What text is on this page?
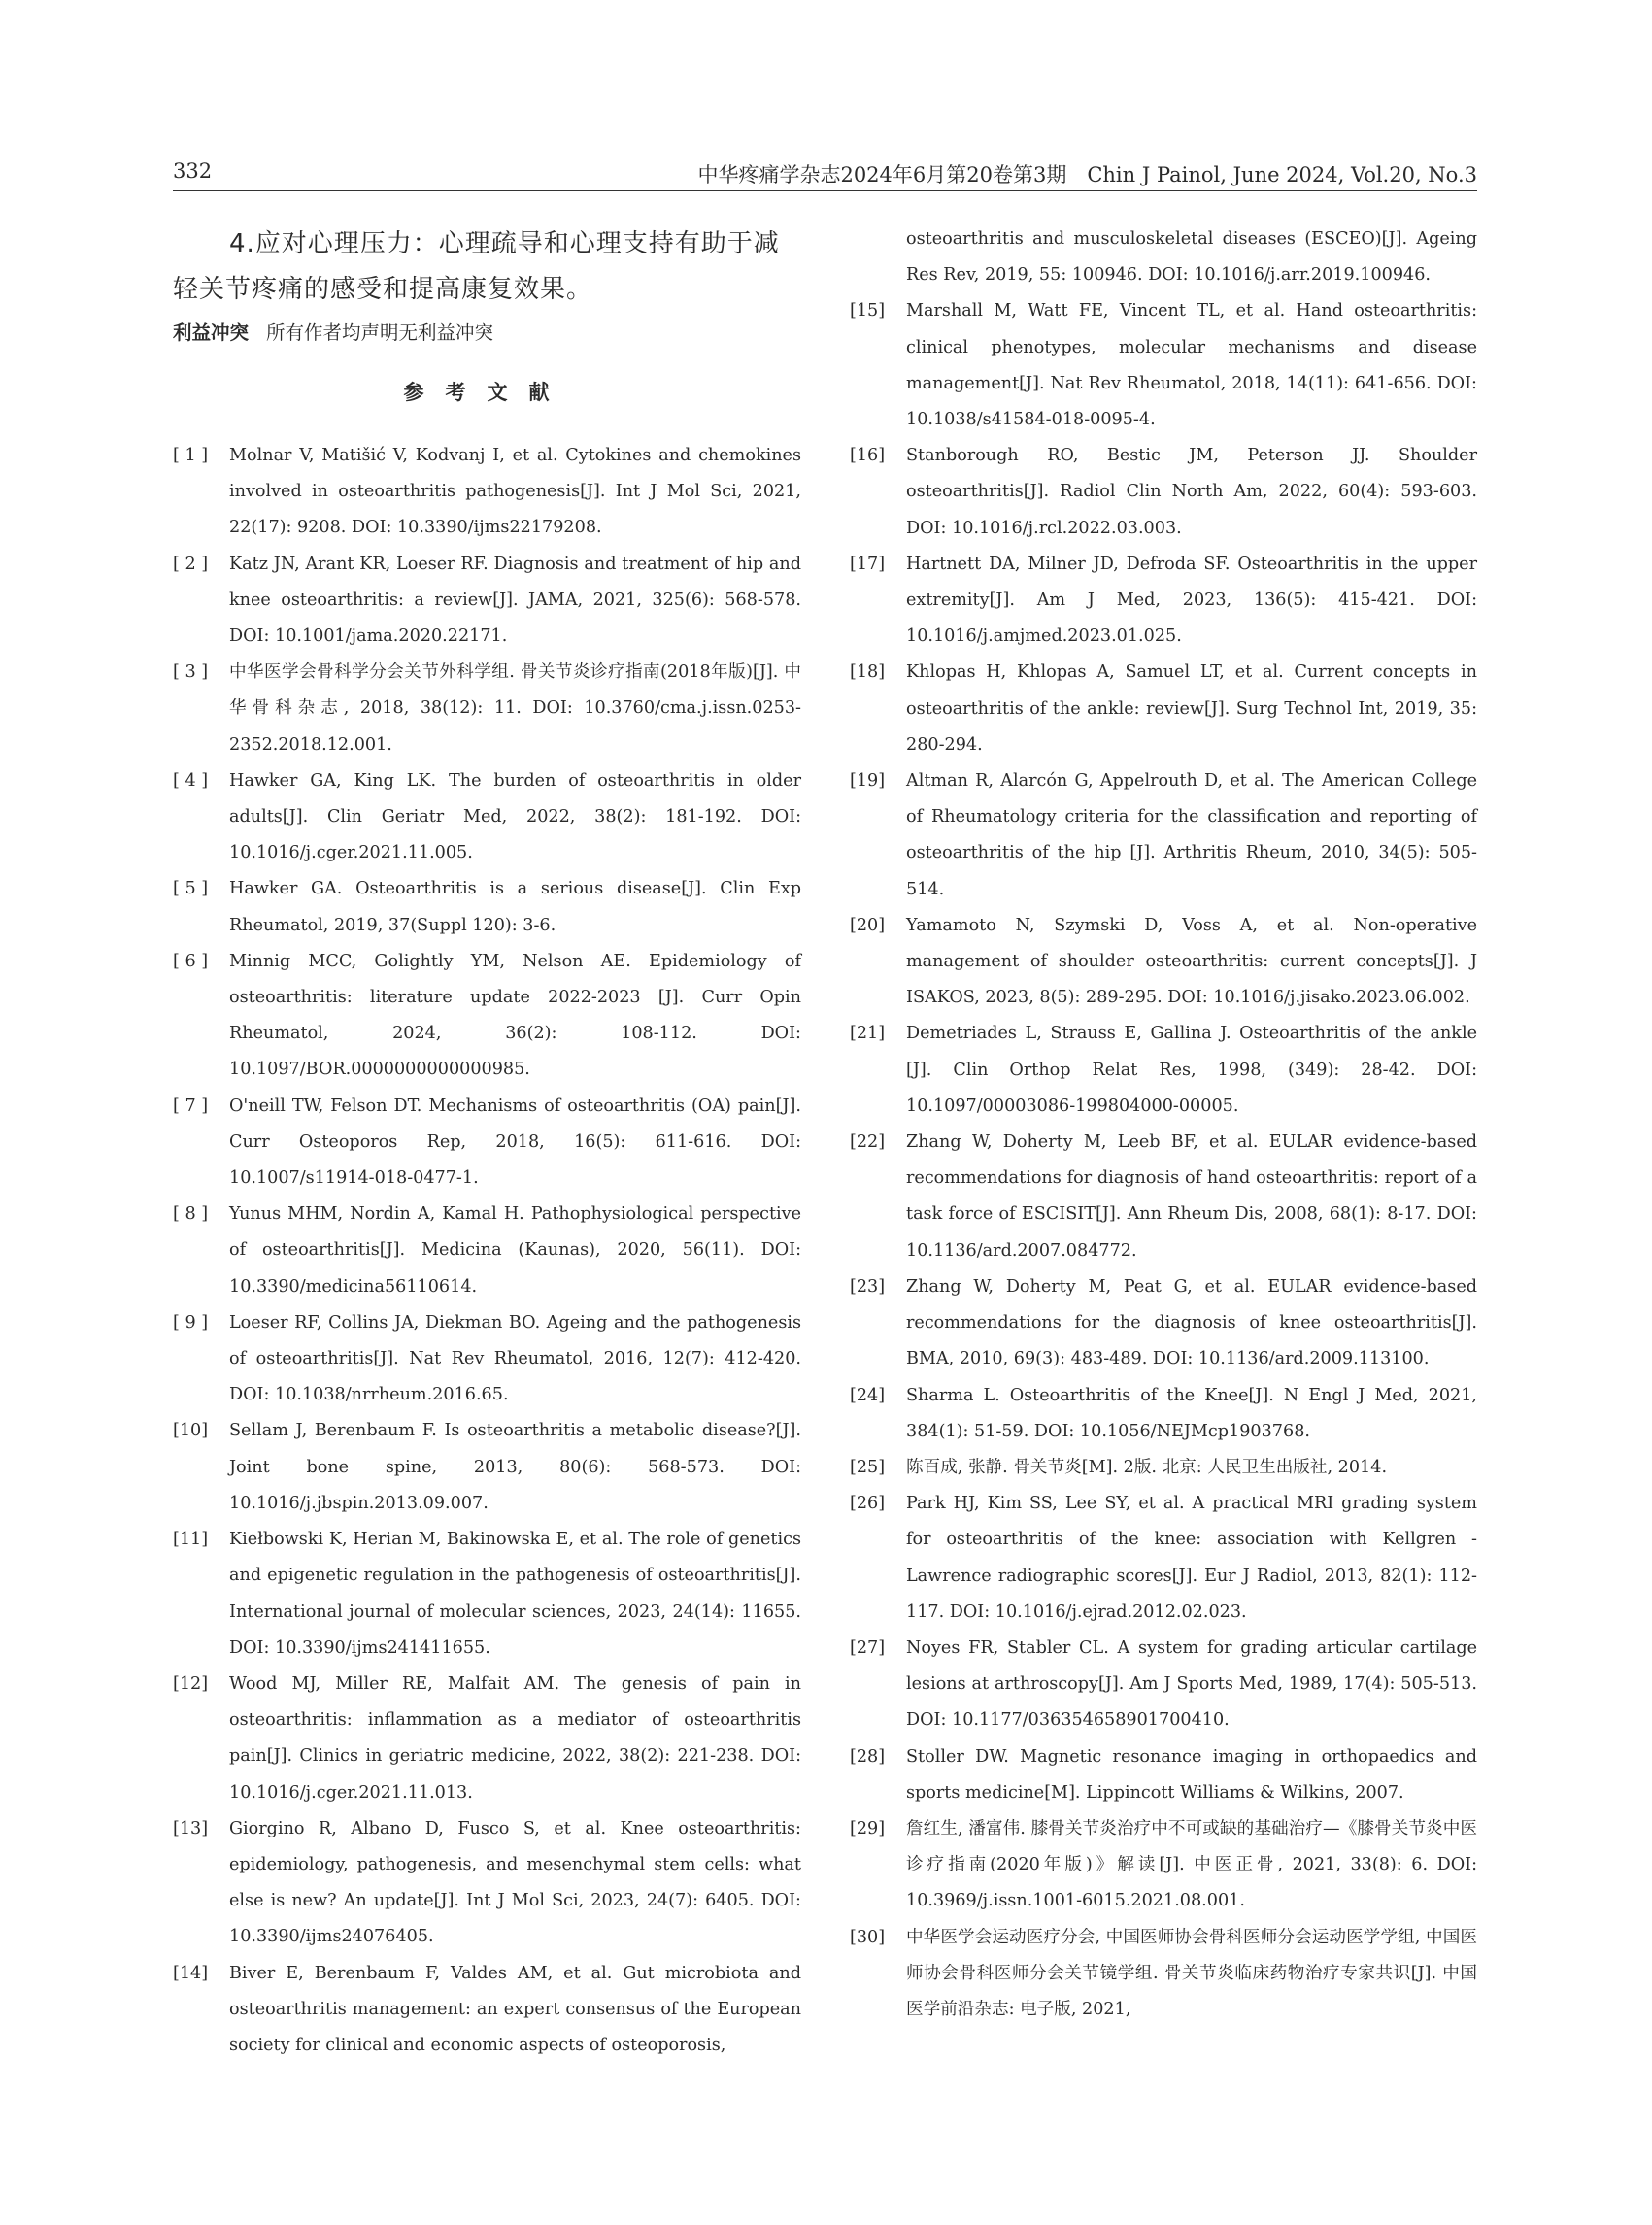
332	中华疼痛学杂志2024年6月第20卷第3期　Chin J Painol, June 2024, Vol.20, No.3

4.应对心理压力：心理疏导和心理支持有助于减轻关节疼痛的感受和提高康复效果。

利益冲突 所有作者均声明无利益冲突
参考文献
[ 1 ] Molnar V, Matišić V, Kodvanj I, et al. Cytokines and chemokines involved in osteoarthritis pathogenesis[J]. Int J Mol Sci, 2021, 22(17): 9208. DOI: 10.3390/ijms22179208.
[ 2 ] Katz JN, Arant KR, Loeser RF. Diagnosis and treatment of hip and knee osteoarthritis: a review[J]. JAMA, 2021, 325(6): 568-578. DOI: 10.1001/jama.2020.22171.
[ 3 ] 中华医学会骨科学分会关节外科学组. 骨关节炎诊疗指南(2018年版)[J]. 中华骨科杂志, 2018, 38(12): 11. DOI: 10.3760/cma.j.issn.0253-2352.2018.12.001.
[ 4 ] Hawker GA, King LK. The burden of osteoarthritis in older adults[J]. Clin Geriatr Med, 2022, 38(2): 181-192. DOI: 10.1016/j.cger.2021.11.005.
[ 5 ] Hawker GA. Osteoarthritis is a serious disease[J]. Clin Exp Rheumatol, 2019, 37(Suppl 120): 3-6.
[ 6 ] Minnig MCC, Golightly YM, Nelson AE. Epidemiology of osteoarthritis: literature update 2022-2023 [J]. Curr Opin Rheumatol, 2024, 36(2): 108-112. DOI: 10.1097/BOR.0000000000000985.
[ 7 ] O'neill TW, Felson DT. Mechanisms of osteoarthritis (OA) pain[J]. Curr Osteoporos Rep, 2018, 16(5): 611-616. DOI: 10.1007/s11914-018-0477-1.
[ 8 ] Yunus MHM, Nordin A, Kamal H. Pathophysiological perspective of osteoarthritis[J]. Medicina (Kaunas), 2020, 56(11). DOI: 10.3390/medicina56110614.
[ 9 ] Loeser RF, Collins JA, Diekman BO. Ageing and the pathogenesis of osteoarthritis[J]. Nat Rev Rheumatol, 2016, 12(7): 412-420. DOI: 10.1038/nrrheum.2016.65.
[10] Sellam J, Berenbaum F. Is osteoarthritis a metabolic disease?[J]. Joint bone spine, 2013, 80(6): 568-573. DOI: 10.1016/j.jbspin.2013.09.007.
[11] Kiełbowski K, Herian M, Bakinowska E, et al. The role of genetics and epigenetic regulation in the pathogenesis of osteoarthritis[J]. International journal of molecular sciences, 2023, 24(14): 11655. DOI: 10.3390/ijms241411655.
[12] Wood MJ, Miller RE, Malfait AM. The genesis of pain in osteoarthritis: inflammation as a mediator of osteoarthritis pain[J]. Clinics in geriatric medicine, 2022, 38(2): 221-238. DOI: 10.1016/j.cger.2021.11.013.
[13] Giorgino R, Albano D, Fusco S, et al. Knee osteoarthritis: epidemiology, pathogenesis, and mesenchymal stem cells: what else is new? An update[J]. Int J Mol Sci, 2023, 24(7): 6405. DOI: 10.3390/ijms24076405.
[14] Biver E, Berenbaum F, Valdes AM, et al. Gut microbiota and osteoarthritis management: an expert consensus of the European society for clinical and economic aspects of osteoporosis,
osteoarthritis and musculoskeletal diseases (ESCEO)[J]. Ageing Res Rev, 2019, 55: 100946. DOI: 10.1016/j.arr.2019.100946.
[15] Marshall M, Watt FE, Vincent TL, et al. Hand osteoarthritis: clinical phenotypes, molecular mechanisms and disease management[J]. Nat Rev Rheumatol, 2018, 14(11): 641-656. DOI: 10.1038/s41584-018-0095-4.
[16] Stanborough RO, Bestic JM, Peterson JJ. Shoulder osteoarthritis[J]. Radiol Clin North Am, 2022, 60(4): 593-603. DOI: 10.1016/j.rcl.2022.03.003.
[17] Hartnett DA, Milner JD, Defroda SF. Osteoarthritis in the upper extremity[J]. Am J Med, 2023, 136(5): 415-421. DOI: 10.1016/j.amjmed.2023.01.025.
[18] Khlopas H, Khlopas A, Samuel LT, et al. Current concepts in osteoarthritis of the ankle: review[J]. Surg Technol Int, 2019, 35: 280-294.
[19] Altman R, Alarcón G, Appelrouth D, et al. The American College of Rheumatology criteria for the classification and reporting of osteoarthritis of the hip [J]. Arthritis Rheum, 2010, 34(5): 505-514.
[20] Yamamoto N, Szymski D, Voss A, et al. Non-operative management of shoulder osteoarthritis: current concepts[J]. J ISAKOS, 2023, 8(5): 289-295. DOI: 10.1016/j.jisako.2023.06.002.
[21] Demetriades L, Strauss E, Gallina J. Osteoarthritis of the ankle [J]. Clin Orthop Relat Res, 1998, (349): 28-42. DOI: 10.1097/00003086-199804000-00005.
[22] Zhang W, Doherty M, Leeb BF, et al. EULAR evidence-based recommendations for diagnosis of hand osteoarthritis: report of a task force of ESCISIT[J]. Ann Rheum Dis, 2008, 68(1): 8-17. DOI: 10.1136/ard.2007.084772.
[23] Zhang W, Doherty M, Peat G, et al. EULAR evidence-based recommendations for the diagnosis of knee osteoarthritis[J]. BMA, 2010, 69(3): 483-489. DOI: 10.1136/ard.2009.113100.
[24] Sharma L. Osteoarthritis of the Knee[J]. N Engl J Med, 2021, 384(1): 51-59. DOI: 10.1056/NEJMcp1903768.
[25] 陈百成, 张静. 骨关节炎[M]. 2版. 北京: 人民卫生出版社, 2014.
[26] Park HJ, Kim SS, Lee SY, et al. A practical MRI grading system for osteoarthritis of the knee: association with Kellgren - Lawrence radiographic scores[J]. Eur J Radiol, 2013, 82(1): 112-117. DOI: 10.1016/j.ejrad.2012.02.023.
[27] Noyes FR, Stabler CL. A system for grading articular cartilage lesions at arthroscopy[J]. Am J Sports Med, 1989, 17(4): 505-513. DOI: 10.1177/036354658901700410.
[28] Stoller DW. Magnetic resonance imaging in orthopaedics and sports medicine[M]. Lippincott Williams & Wilkins, 2007.
[29] 詹红生, 潘富伟. 膝骨关节炎治疗中不可或缺的基础治疗—《膝骨关节炎中医诊疗指南(2020年版)》解读[J]. 中医正骨, 2021, 33(8): 6. DOI: 10.3969/j.issn.1001-6015.2021.08.001.
[30] 中华医学会运动医疗分会, 中国医师协会骨科医师分会运动医学学组, 中国医师协会骨科医师分会关节镜学组. 骨关节炎临床药物治疗专家共识[J]. 中国医学前沿杂志: 电子版, 2021,
